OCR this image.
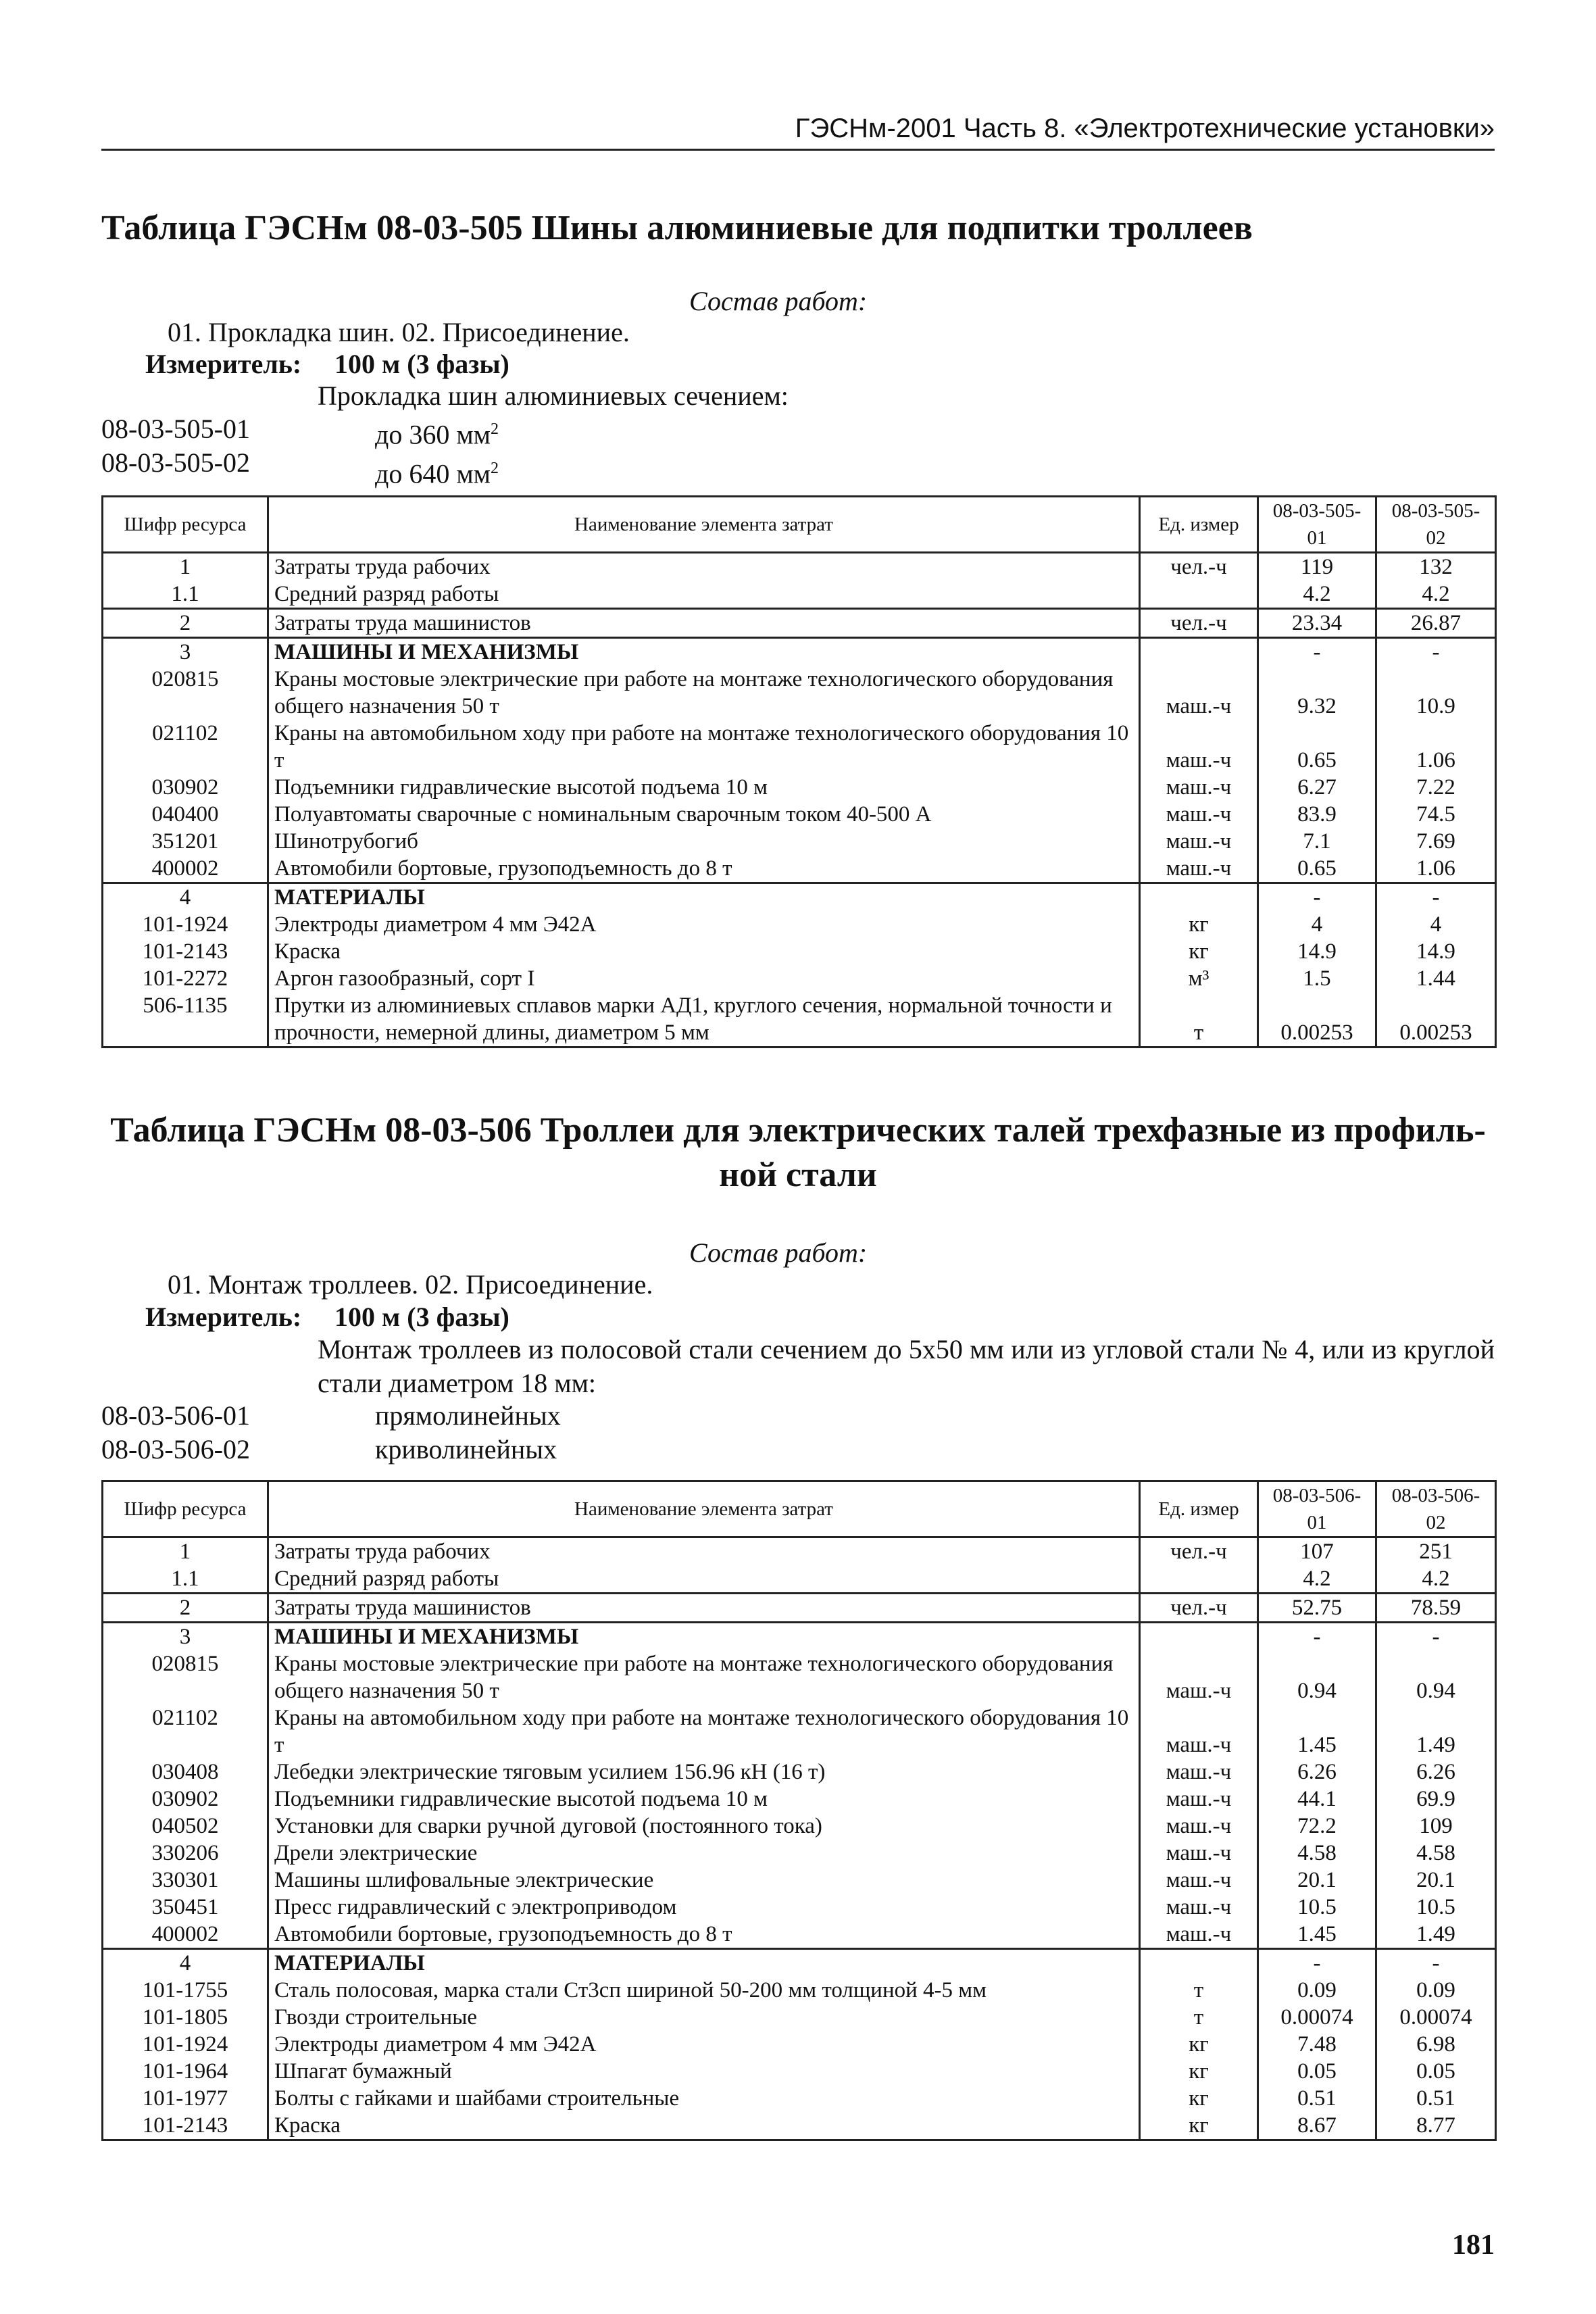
ГЭСНм-2001 Часть 8. «Электротехнические установки»
Таблица ГЭСНм 08-03-505 Шины алюминиевые для подпитки троллеев
Состав работ:
01. Прокладка шин. 02. Присоединение.
Измеритель: 100 м (3 фазы)
Прокладка шин алюминиевых сечением:
08-03-505-01
08-03-505-02
до 360 $мм^2$
до 640 $мм^2$
Шифр ресурса	Наименование элемента затрат	Ед. измер	08-03-505-01	08-03-505-02
1	Затраты труда рабочих	чел.-ч	119	132
1.1	Средний разряд работы		4.2	4.2
2	Затраты труда машинистов	чел.-ч	23.34	26.87
3	МАШИНЫ И МЕХАНИЗМЫ		-	-
020815	Краны мостовые электрические при работе на монтаже технологического оборудования общего назначения 50 т	маш.-ч	9.32	10.9
021102	Краны на автомобильном ходу при работе на монтаже технологического оборудования 10 т	маш.-ч	0.65	1.06
030902	Подъемники гидравлические высотой подъема 10 м	маш.-ч	6.27	7.22
040400	Полуавтоматы сварочные с номинальным сварочным током 40-500 А	маш.-ч	83.9	74.5
351201	Шинотрубогиб	маш.-ч	7.1	7.69
400002	Автомобили бортовые, грузоподъемность до 8 т	маш.-ч	0.65	1.06
4	МАТЕРИАЛЫ		-	-
101-1924	Электроды диаметром 4 мм Э42А	кг	4	4
101-2143	Краска	кг	14.9	14.9
101-2272	Аргон газообразный, сорт I	м³	1.5	1.44
506-1135	Прутки из алюминиевых сплавов марки АД1, круглого сечения, нормальной точности и прочности, немерной длины, диаметром 5 мм	т	0.00253	0.00253
Таблица ГЭСНм 08-03-506 Троллеи для электрических талей трехфазные из профиль-
ной стали
Состав работ:
01. Монтаж троллеев. 02. Присоединение.
Измеритель: 100 м (3 фазы)
Монтаж троллеев из полосовой стали сечением до 5х50 мм или из угловой стали № 4, или из круглой стали диаметром 18 мм:
08-03-506-01
08-03-506-02
прямолинейных
криволинейных
Шифр ресурса	Наименование элемента затрат	Ед. измер	08-03-506-01	08-03-506-02
1	Затраты труда рабочих	чел.-ч	107	251
1.1	Средний разряд работы		4.2	4.2
2	Затраты труда машинистов	чел.-ч	52.75	78.59
3	МАШИНЫ И МЕХАНИЗМЫ		-	-
020815	Краны мостовые электрические при работе на монтаже технологического оборудования общего назначения 50 т	маш.-ч	0.94	0.94
021102	Краны на автомобильном ходу при работе на монтаже технологического оборудования 10 т	маш.-ч	1.45	1.49
030408	Лебедки электрические тяговым усилием 156.96 кН (16 т)	маш.-ч	6.26	6.26
030902	Подъемники гидравлические высотой подъема 10 м	маш.-ч	44.1	69.9
040502	Установки для сварки ручной дуговой (постоянного тока)	маш.-ч	72.2	109
330206	Дрели электрические	маш.-ч	4.58	4.58
330301	Машины шлифовальные электрические	маш.-ч	20.1	20.1
350451	Пресс гидравлический с электроприводом	маш.-ч	10.5	10.5
400002	Автомобили бортовые, грузоподъемность до 8 т	маш.-ч	1.45	1.49
4	МАТЕРИАЛЫ		-	-
101-1755	Сталь полосовая, марка стали Ст3сп шириной 50-200 мм толщиной 4-5 мм	т	0.09	0.09
101-1805	Гвозди строительные	т	0.00074	0.00074
101-1924	Электроды диаметром 4 мм Э42А	кг	7.48	6.98
101-1964	Шпагат бумажный	кг	0.05	0.05
101-1977	Болты с гайками и шайбами строительные	кг	0.51	0.51
101-2143	Краска	кг	8.67	8.77
181
